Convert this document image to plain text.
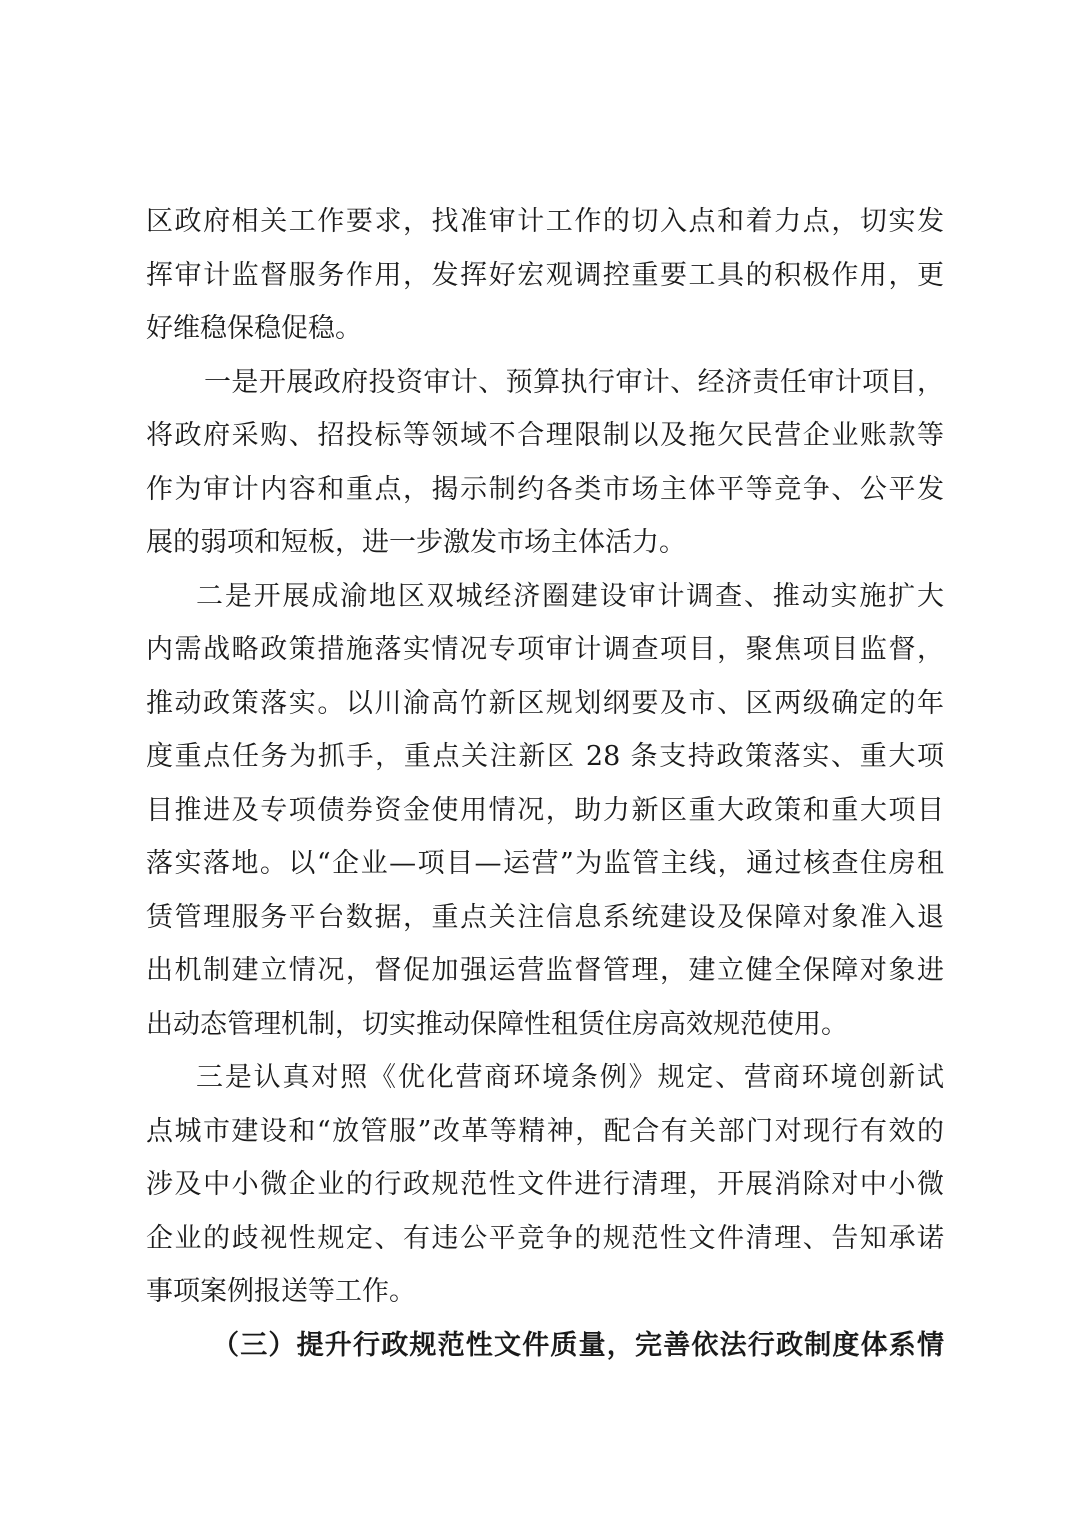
区政府相关工作要求，找准审计工作的切入点和着力点，切实发
挥审计监督服务作用，发挥好宏观调控重要工具的积极作用，更
好维稳保稳促稳。
一是开展政府投资审计、预算执行审计、经济责任审计项目，
将政府采购、招投标等领域不合理限制以及拖欠民营企业账款等
作为审计内容和重点，揭示制约各类市场主体平等竞争、公平发
展的弱项和短板，进一步激发市场主体活力。
二是开展成渝地区双城经济圈建设审计调查、推动实施扩大
内需战略政策措施落实情况专项审计调查项目，聚焦项目监督，
推动政策落实。以川渝高竹新区规划纲要及市、区两级确定的年
度重点任务为抓手，重点关注新区 28 条支持政策落实、重大项
目推进及专项债券资金使用情况，助力新区重大政策和重大项目
落实落地。以“企业—项目—运营”为监管主线，通过核查住房租
赁管理服务平台数据，重点关注信息系统建设及保障对象准入退
出机制建立情况，督促加强运营监督管理，建立健全保障对象进
出动态管理机制，切实推动保障性租赁住房高效规范使用。
三是认真对照《优化营商环境条例》规定、营商环境创新试
点城市建设和“放管服”改革等精神，配合有关部门对现行有效的
涉及中小微企业的行政规范性文件进行清理，开展消除对中小微
企业的歧视性规定、有违公平竞争的规范性文件清理、告知承诺
事项案例报送等工作。
（三）提升行政规范性文件质量，完善依法行政制度体系情
